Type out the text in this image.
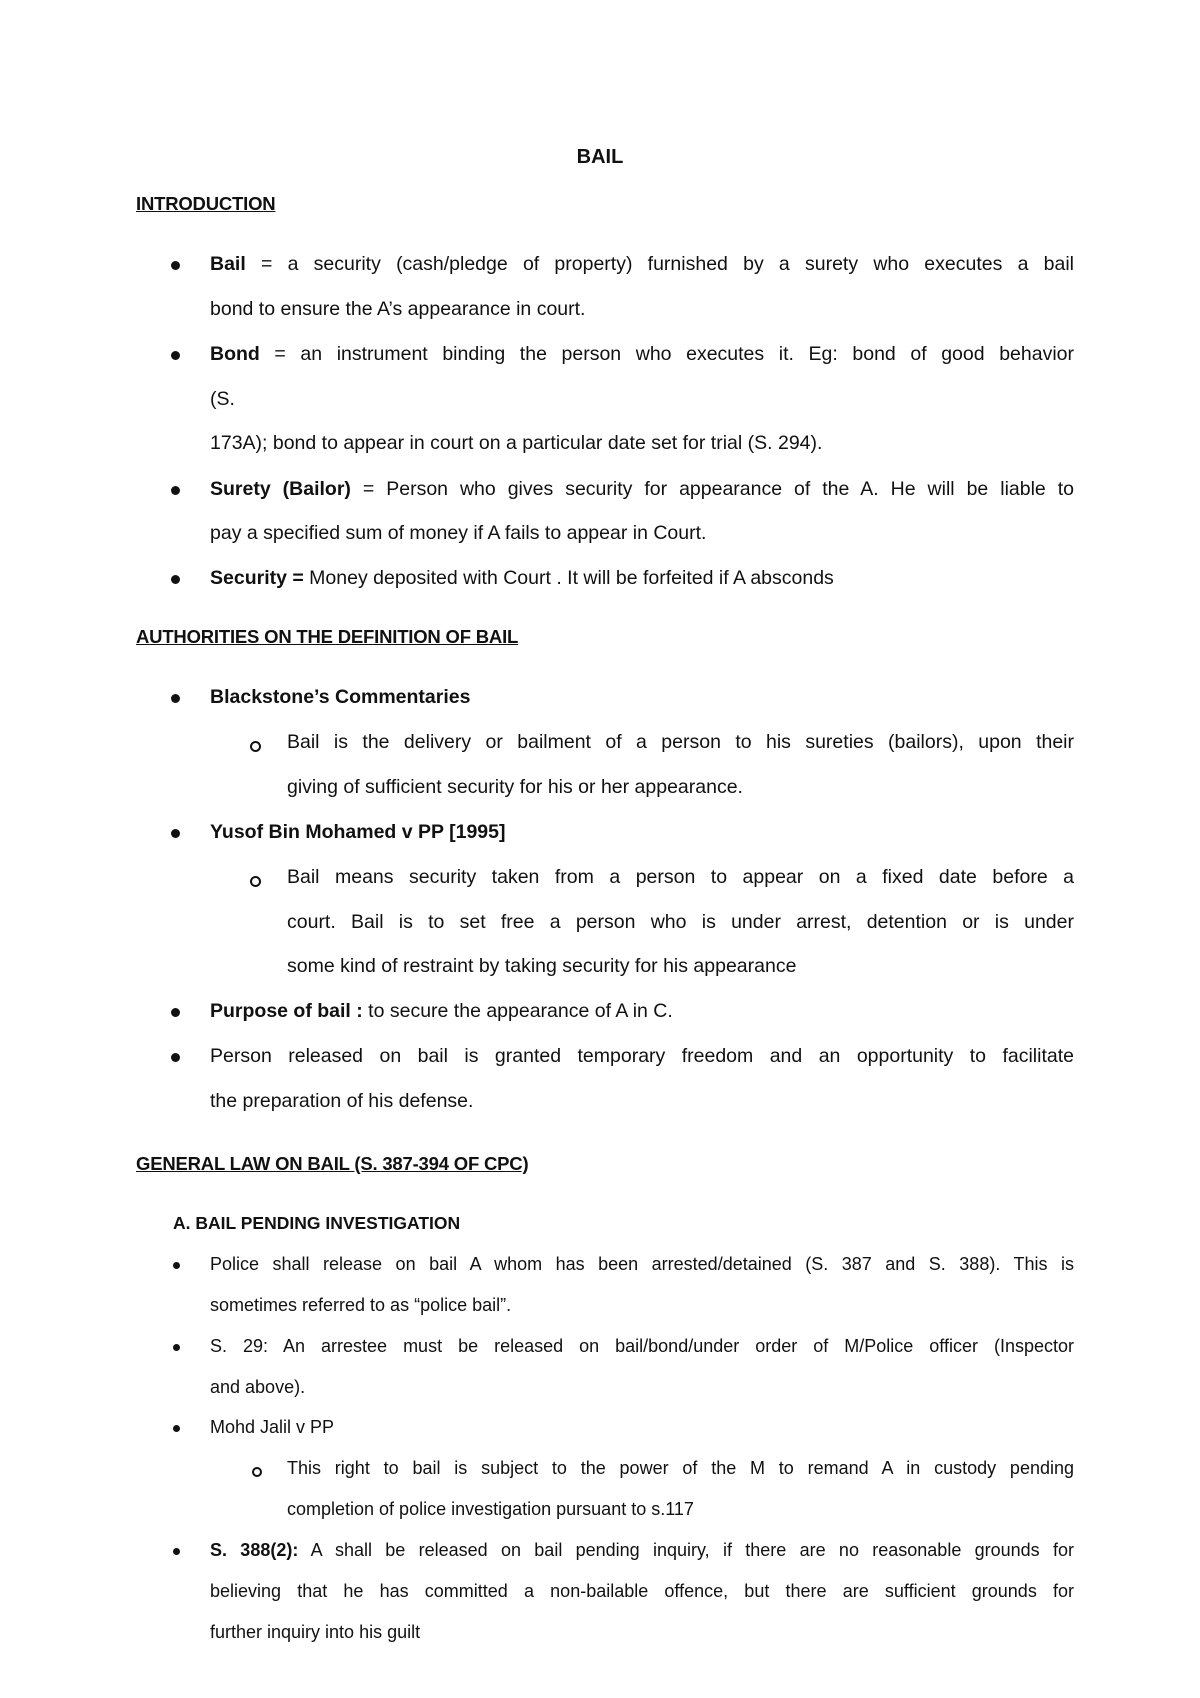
BAIL
INTRODUCTION
Bail = a security (cash/pledge of property) furnished by a surety who executes a bail
bond to ensure the A’s appearance in court.
Bond = an instrument binding the person who executes it. Eg: bond of good behavior
(S.
173A); bond to appear in court on a particular date set for trial (S. 294).
Surety (Bailor) = Person who gives security for appearance of the A. He will be liable to
pay a specified sum of money if A fails to appear in Court.
Security = Money deposited with Court . It will be forfeited if A absconds
AUTHORITIES ON THE DEFINITION OF BAIL
Blackstone’s Commentaries
Bail is the delivery or bailment of a person to his sureties (bailors), upon their
giving of sufficient security for his or her appearance.
Yusof Bin Mohamed v PP [1995]
Bail means security taken from a person to appear on a fixed date before a
court. Bail is to set free a person who is under arrest, detention or is under
some kind of restraint by taking security for his appearance
Purpose of bail : to secure the appearance of A in C.
Person released on bail is granted temporary freedom and an opportunity to facilitate
the preparation of his defense.
GENERAL LAW ON BAIL (S. 387-394 OF CPC)
A. BAIL PENDING INVESTIGATION
Police shall release on bail A whom has been arrested/detained (S. 387 and S. 388). This is
sometimes referred to as “police bail”.
S. 29: An arrestee must be released on bail/bond/under order of M/Police officer (Inspector
and above).
Mohd Jalil v PP
This right to bail is subject to the power of the M to remand A in custody pending
completion of police investigation pursuant to s.117
S. 388(2): A shall be released on bail pending inquiry, if there are no reasonable grounds for
believing that he has committed a non-bailable offence, but there are sufficient grounds for
further inquiry into his guilt
